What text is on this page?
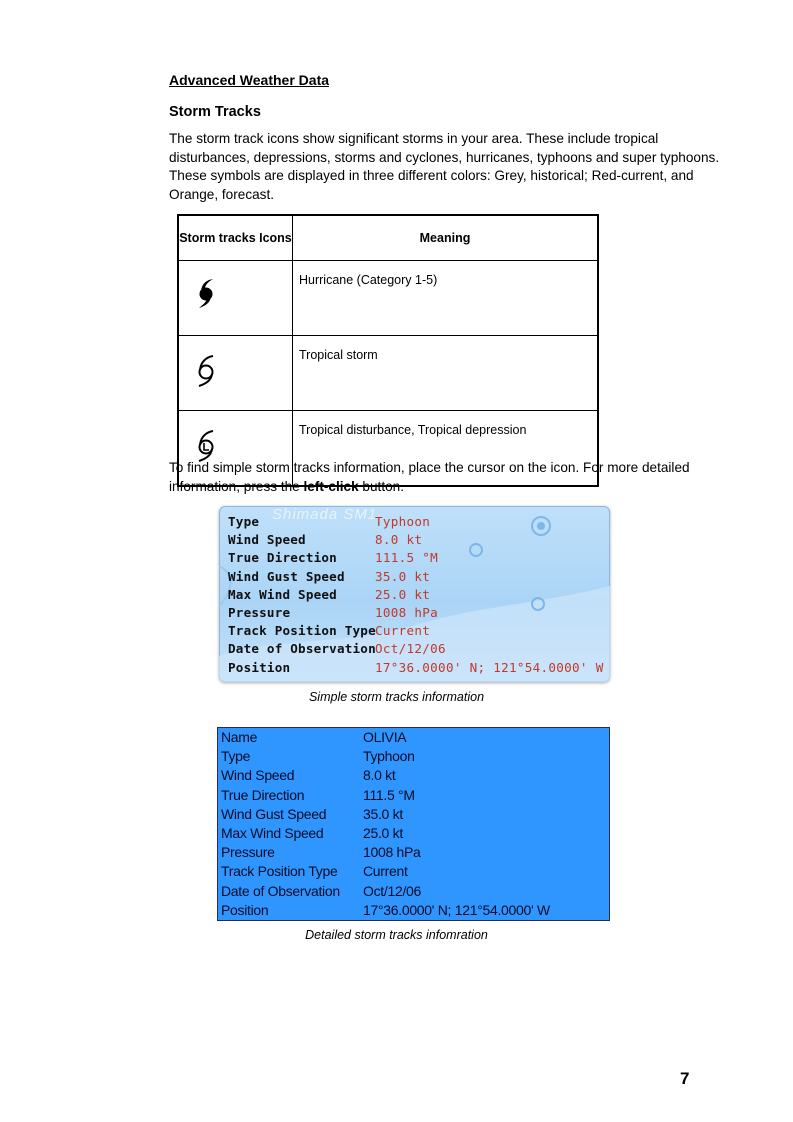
Advanced Weather Data
Storm Tracks

The storm track icons show significant storms in your area. These include tropical disturbances, depressions, storms and cyclones, hurricanes, typhoons and super typhoons. These symbols are displayed in three different colors: Grey, historical; Red-current, and Orange, forecast.

Storm tracks Icons	Meaning

	Hurricane (Category 1-5)

	Tropical storm

	Tropical disturbance, Tropical depression

To find simple storm tracks information, place the cursor on the icon. For more detailed information, press the left-click button.

Shimada SM1
Type	Typhoon
Wind Speed	8.0 kt
True Direction	111.5 °M
Wind Gust Speed	35.0 kt
Max Wind Speed	25.0 kt
Pressure	1008 hPa
Track Position Type Current
Date of Observation Oct/12/06
Position	17°36.0000' N; 121°54.0000' W

Simple storm tracks information

Name	OLIVIA
Type	Typhoon
Wind Speed	8.0 kt
True Direction	111.5 °M
Wind Gust Speed	35.0 kt
Max Wind Speed	25.0 kt
Pressure	1008 hPa
Track Position Type	Current
Date of Observation	Oct/12/06
Position	17°36.0000' N; 121°54.0000' W

Detailed storm tracks infomration

7
